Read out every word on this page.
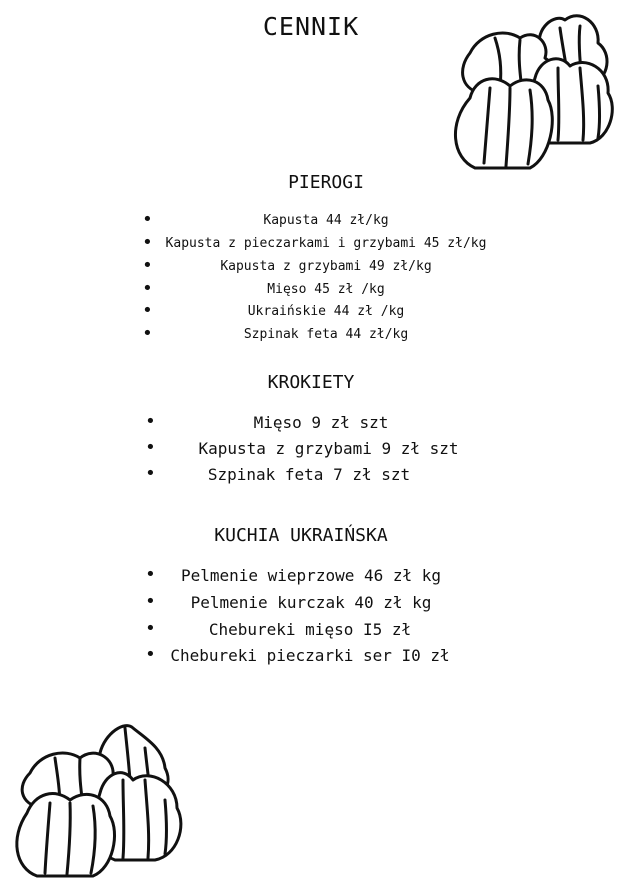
CENNIK
PIEROGI
•	Kapusta 44 zł/kg
• Kapusta z pieczarkami i grzybami 45 zł/kg
•	Kapusta z grzybami 49 zł/kg
•	Mięso 45 zł /kg
•	Ukraińskie 44 zł /kg
•	Szpinak feta 44 zł/kg
KROKIETY
•	Mięso 9 zł szt
•	Kapusta z grzybami 9 zł szt
•	Szpinak feta 7 zł szt
KUCHIA UKRAIŃSKA
• Pelmenie wieprzowe 46 zł kg
• Pelmenie kurczak 40 zł kg
•	Chebureki mięso I5 zł
• Chebureki pieczarki ser I0 zł
